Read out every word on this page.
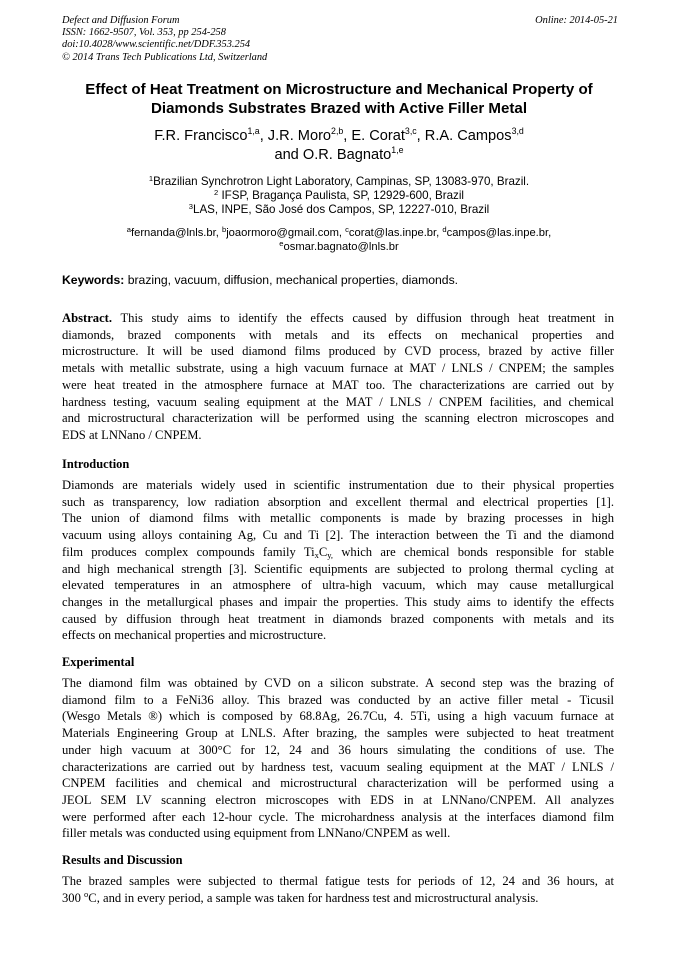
Defect and Diffusion Forum
ISSN: 1662-9507, Vol. 353, pp 254-258
doi:10.4028/www.scientific.net/DDF.353.254
© 2014 Trans Tech Publications Ltd, Switzerland
Online: 2014-05-21
Effect of Heat Treatment on Microstructure and Mechanical Property of
Diamonds Substrates Brazed with Active Filler Metal
F.R. Francisco$^{1,a}$, J.R. Moro$^{2,b}$, E. Corat$^{3,c}$, R.A. Campos$^{3,d}$
and O.R. Bagnato$^{1,e}$
$^1$Brazilian Synchrotron Light Laboratory, Campinas, SP, 13083-970, Brazil.
$^2$ IFSP, Bragança Paulista, SP, 12929-600, Brazil
$^3$LAS, INPE, São José dos Campos, SP, 12227-010, Brazil
$^a$fernanda@lnls.br, $^b$joaormoro@gmail.com, $^c$corat@las.inpe.br, $^d$campos@las.inpe.br,
$^e$osmar.bagnato@lnls.br
Keywords: brazing, vacuum, diffusion, mechanical properties, diamonds.
Abstract. This study aims to identify the effects caused by diffusion through heat treatment in
diamonds, brazed components with metals and its effects on mechanical properties and
microstructure. It will be used diamond films produced by CVD process, brazed by active filler
metals with metallic substrate, using a high vacuum furnace at MAT / LNLS / CNPEM; the samples
were heat treated in the atmosphere furnace at MAT too. The characterizations are carried out by
hardness testing, vacuum sealing equipment at the MAT / LNLS / CNPEM facilities, and chemical
and microstructural characterization will be performed using the scanning electron microscopes and
EDS at LNNano / CNPEM.
Introduction
Diamonds are materials widely used in scientific instrumentation due to their physical properties
such as transparency, low radiation absorption and excellent thermal and electrical properties [1].
The union of diamond films with metallic components is made by brazing processes in high
vacuum using alloys containing Ag, Cu and Ti [2]. The interaction between the Ti and the diamond
film produces complex compounds family $Ti_xC_{y,}$ which are chemical bonds responsible for stable
and high mechanical strength [3]. Scientific equipments are subjected to prolong thermal cycling at
elevated temperatures in an atmosphere of ultra-high vacuum, which may cause metallurgical
changes in the metallurgical phases and impair the properties. This study aims to identify the effects
caused by diffusion through heat treatment in diamonds brazed components with metals and its
effects on mechanical properties and microstructure.
Experimental
The diamond film was obtained by CVD on a silicon substrate. A second step was the brazing of
diamond film to a FeNi36 alloy. This brazed was conducted by an active filler metal - Ticusil
(Wesgo Metals ®) which is composed by 68.8Ag, 26.7Cu, 4. 5Ti, using a high vacuum furnace at
Materials Engineering Group at LNLS. After brazing, the samples were subjected to heat treatment
under high vacuum at 300°C for 12, 24 and 36 hours simulating the conditions of use. The
characterizations are carried out by hardness test, vacuum sealing equipment at the MAT / LNLS /
CNPEM facilities and chemical and microstructural characterization will be performed using a
JEOL SEM LV scanning electron microscopes with EDS in at LNNano/CNPEM. All analyzes
were performed after each 12-hour cycle. The microhardness analysis at the interfaces diamond film
filler metals was conducted using equipment from LNNano/CNPEM as well.
Results and Discussion
The brazed samples were subjected to thermal fatigue tests for periods of 12, 24 and 36 hours, at
300 $^o$C, and in every period, a sample was taken for hardness test and microstructural analysis.
